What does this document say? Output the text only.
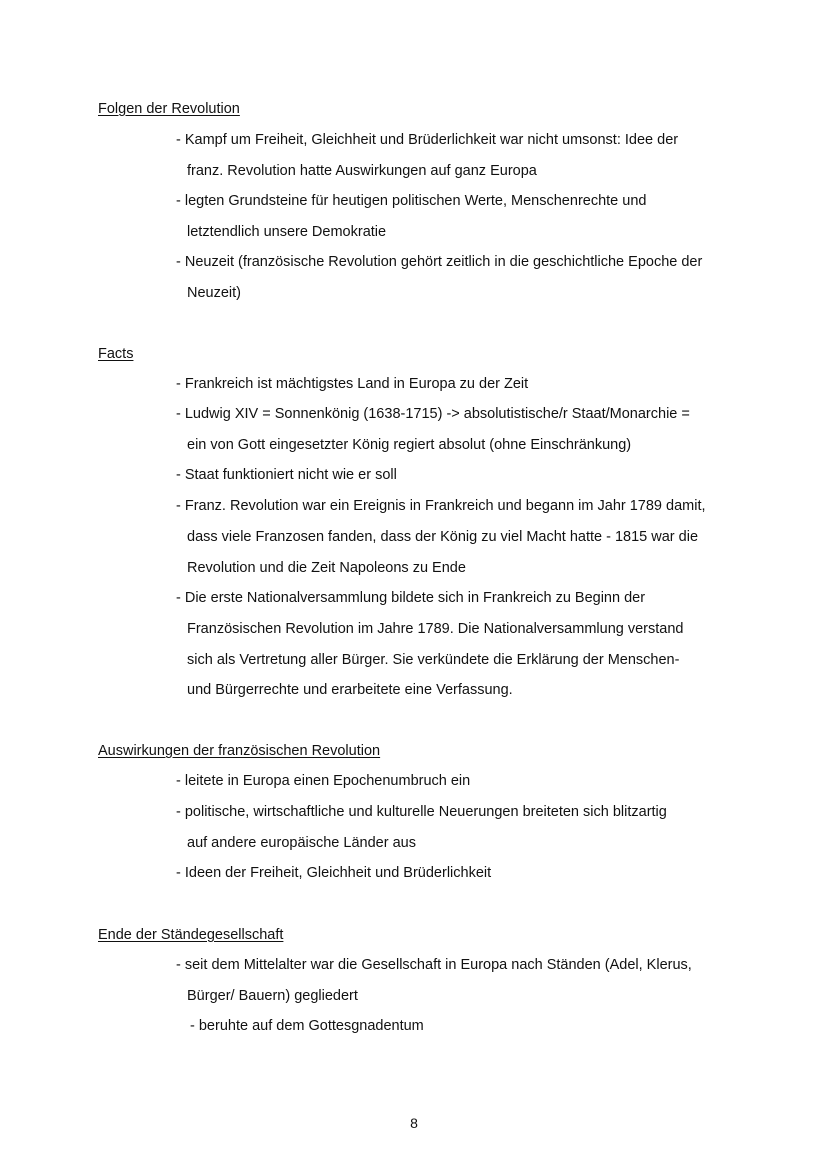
Folgen der Revolution
- Kampf um Freiheit, Gleichheit und Brüderlichkeit war nicht umsonst: Idee der
franz. Revolution hatte Auswirkungen auf ganz Europa
- legten Grundsteine für heutigen politischen Werte, Menschenrechte und
letztendlich unsere Demokratie
- Neuzeit (französische Revolution gehört zeitlich in die geschichtliche Epoche der
Neuzeit)
Facts
- Frankreich ist mächtigstes Land in Europa zu der Zeit
- Ludwig XIV = Sonnenkönig (1638-1715) -> absolutistische/r Staat/Monarchie =
ein von Gott eingesetzter König regiert absolut (ohne Einschränkung)
- Staat funktioniert nicht wie er soll
- Franz. Revolution war ein Ereignis in Frankreich und begann im Jahr 1789 damit,
dass viele Franzosen fanden, dass der König zu viel Macht hatte - 1815 war die
Revolution und die Zeit Napoleons zu Ende
- Die erste Nationalversammlung bildete sich in Frankreich zu Beginn der
Französischen Revolution im Jahre 1789. Die Nationalversammlung verstand
sich als Vertretung aller Bürger. Sie verkündete die Erklärung der Menschen-
und Bürgerrechte und erarbeitete eine Verfassung.
Auswirkungen der französischen Revolution
- leitete in Europa einen Epochenumbruch ein
- politische, wirtschaftliche und kulturelle Neuerungen breiteten sich blitzartig
auf andere europäische Länder aus
- Ideen der Freiheit, Gleichheit und Brüderlichkeit
Ende der Ständegesellschaft
- seit dem Mittelalter war die Gesellschaft in Europa nach Ständen (Adel, Klerus,
Bürger/ Bauern) gegliedert
- beruhte auf dem Gottesgnadentum
8
